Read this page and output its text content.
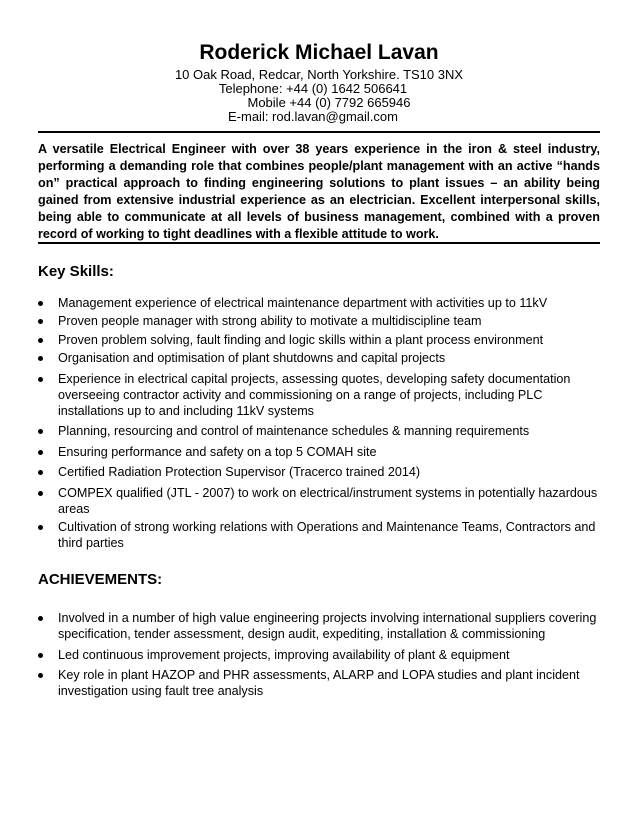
Roderick Michael Lavan
10 Oak Road, Redcar, North Yorkshire. TS10 3NX
Telephone: +44 (0) 1642 506641
Mobile +44 (0) 7792 665946
E-mail: rod.lavan@gmail.com
A versatile Electrical Engineer with over 38 years experience in the iron & steel industry, performing a demanding role that combines people/plant management with an active “hands on” practical approach to finding engineering solutions to plant issues – an ability being gained from extensive industrial experience as an electrician. Excellent interpersonal skills, being able to communicate at all levels of business management, combined with a proven record of working to tight deadlines with a flexible attitude to work.
Key Skills:
Management experience of electrical maintenance department with activities up to 11kV
Proven people manager with strong ability to motivate a multidiscipline team
Proven problem solving, fault finding and logic skills within a plant process environment
Organisation and optimisation of plant shutdowns and capital projects
Experience in electrical capital projects, assessing quotes, developing safety documentation overseeing contractor activity and commissioning on a range of projects, including PLC installations up to and including 11kV systems
Planning, resourcing and control of maintenance schedules & manning requirements
Ensuring performance and safety on a top 5 COMAH site
Certified Radiation Protection Supervisor (Tracerco trained 2014)
COMPEX qualified (JTL - 2007) to work on electrical/instrument systems in potentially hazardous areas
Cultivation of strong working relations with Operations and Maintenance Teams, Contractors and third parties
ACHIEVEMENTS:
Involved in a number of high value engineering projects involving international suppliers covering specification, tender assessment, design audit, expediting, installation & commissioning
Led continuous improvement projects, improving availability of plant & equipment
Key role in plant HAZOP and PHR assessments, ALARP and LOPA studies and plant incident investigation using fault tree analysis
